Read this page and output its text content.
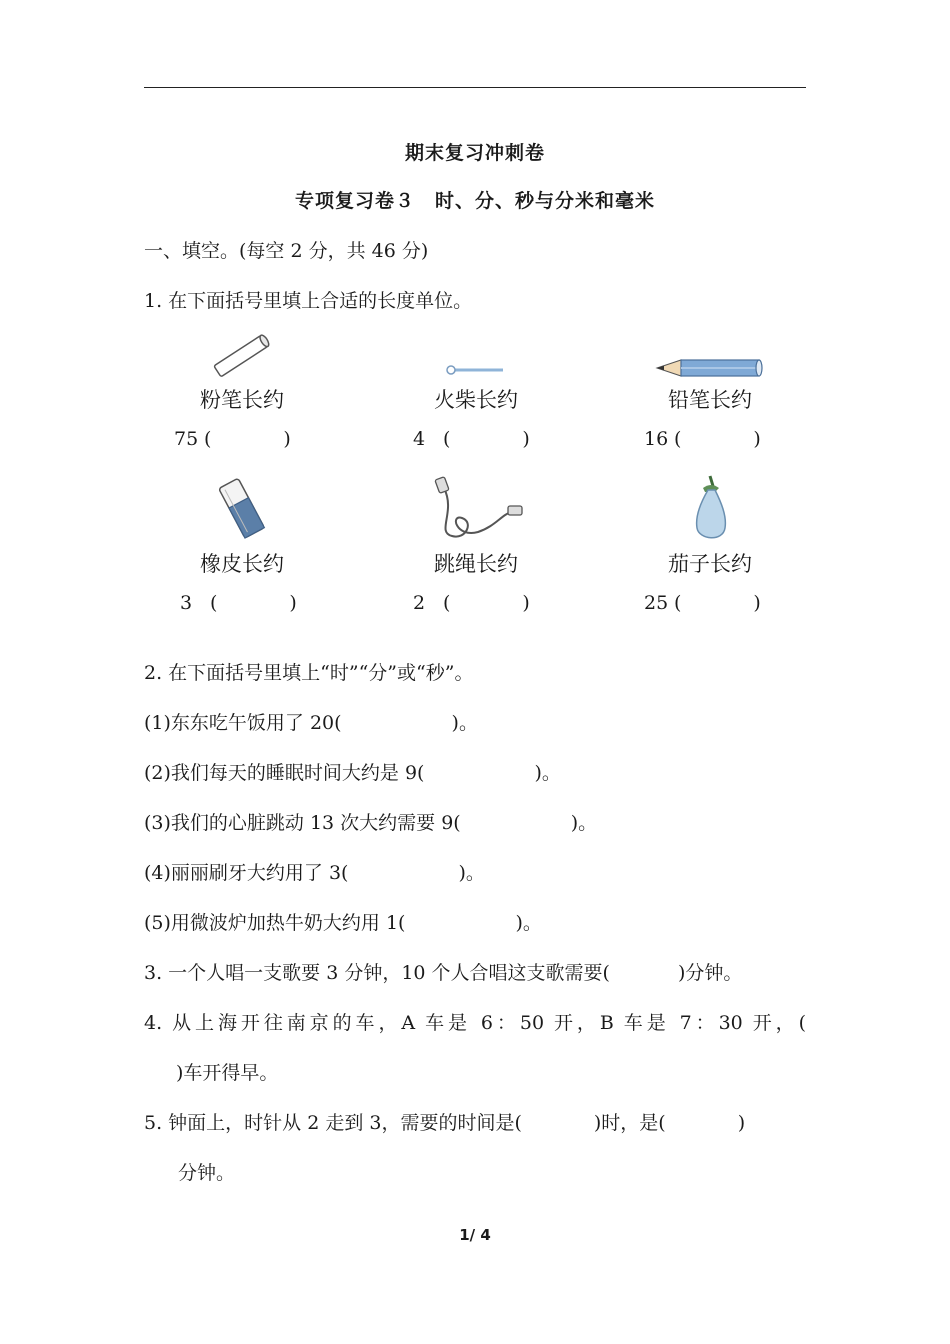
期末复习冲刺卷
专项复习卷３　时、分、秒与分米和毫米
一、填空。(每空 2 分，共 46 分)
1. 在下面括号里填上合适的长度单位。
粉笔长约	火柴长约	铅笔长约
75 (	)	4 (	)	16 (	)
橡皮长约	跳绳长约	茄子长约
3 (	)	2 (	)	25 (	)
2. 在下面括号里填上“时”“分”或“秒”。
(1)东东吃午饭用了 20(	)。
(2)我们每天的睡眠时间大约是 9(	)。
(3)我们的心脏跳动 13 次大约需要 9(	)。
(4)丽丽刷牙大约用了 3(	)。
(5)用微波炉加热牛奶大约用 1(	)。
3. 一个人唱一支歌要 3 分钟，10 个人合唱这支歌需要(	)分钟。
4. 从上海开往南京的车，A 车是 6：50 开，B 车是 7：30 开，(
)车开得早。
5. 钟面上，时针从 2 走到 3，需要的时间是(	)时，是(	)
分钟。
1/ 4
